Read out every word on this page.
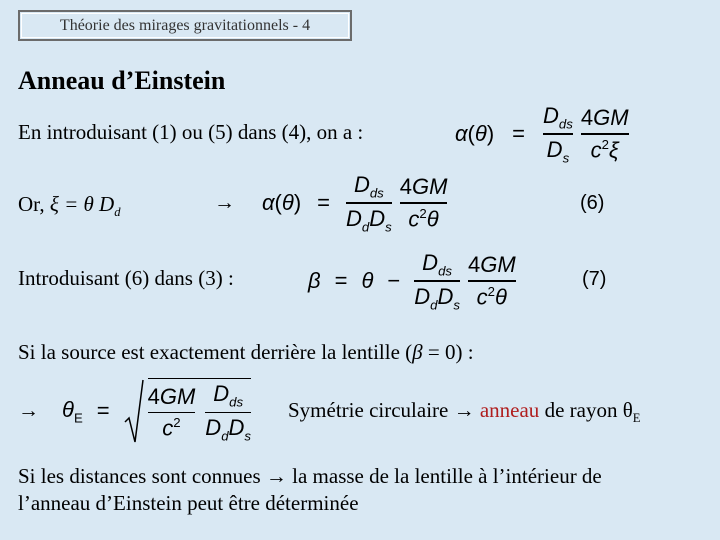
Théorie des mirages gravitationnels - 4
Anneau d’Einstein
En introduisant (1) ou (5) dans (4), on a :	α(θ) =
$D_{ds}$
$D_s$
4GM
$c^2\xi$
Or, ξ = θ $D_d$	→ α(θ) =
$D_{ds}$
$D_dD_s$
4GM
$c^2\theta$
(6)
Introduisant (6) dans (3) :	β = θ −
$D_{ds}$
$D_dD_s$
4GM
$c^2\theta$
(7)
Si la source est exactement derrière la lentille (β = 0) :
→ $\theta_E$ =
4GM
$c^2$
$D_{ds}$
$D_dD_s$
Symétrie circulaire → anneau de rayon $\theta_E$
Si les distances sont connues → la masse de la lentille à l’intérieur de
l’anneau d’Einstein peut être déterminée
